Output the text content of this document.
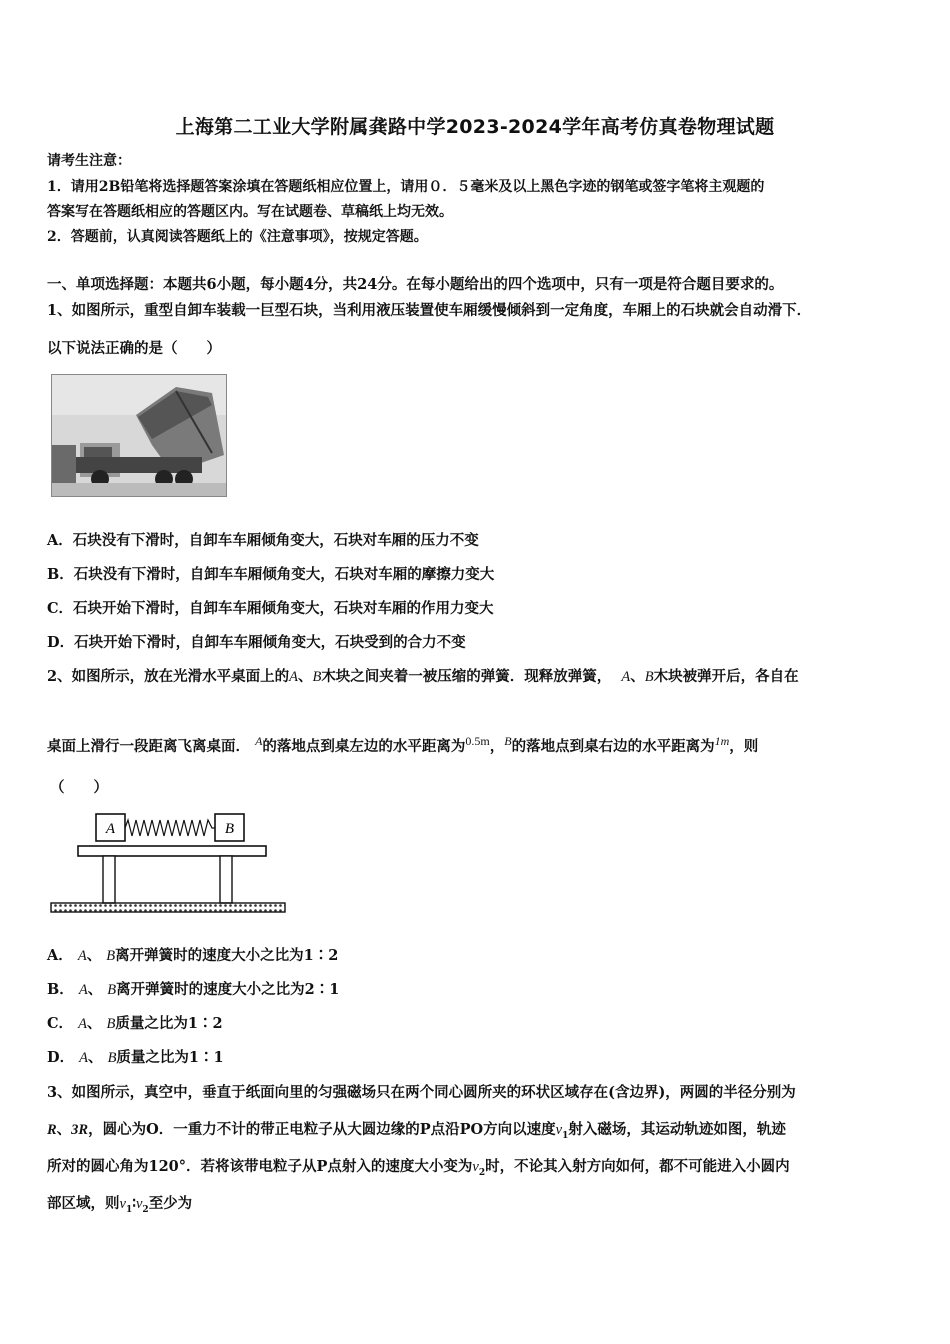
上海第二工业大学附属龚路中学2023-2024学年高考仿真卷物理试题
请考生注意：
1．请用2B铅笔将选择题答案涂填在答题纸相应位置上，请用０．５毫米及以上黑色字迹的钢笔或签字笔将主观题的
答案写在答题纸相应的答题区内。写在试题卷、草稿纸上均无效。
2．答题前，认真阅读答题纸上的《注意事项》，按规定答题。
一、单项选择题：本题共6小题，每小题4分，共24分。在每小题给出的四个选项中，只有一项是符合题目要求的。
1、如图所示，重型自卸车装载一巨型石块，当利用液压装置使车厢缓慢倾斜到一定角度，车厢上的石块就会自动滑下．
以下说法正确的是（　　）
A．石块没有下滑时，自卸车车厢倾角变大，石块对车厢的压力不变
B．石块没有下滑时，自卸车车厢倾角变大，石块对车厢的摩擦力变大
C．石块开始下滑时，自卸车车厢倾角变大，石块对车厢的作用力变大
D．石块开始下滑时，自卸车车厢倾角变大，石块受到的合力不变
2、如图所示，放在光滑水平桌面上的A、B木块之间夹着一被压缩的弹簧．现释放弹簧， A、B木块被弹开后，各自在
桌面上滑行一段距离飞离桌面． $^A$的落地点到桌左边的水平距离为$^{0.5m}$，$^B$的落地点到桌右边的水平距离为$^{1m}$，则
（　　）
A	B
A． A、 B离开弹簧时的速度大小之比为1∶2
B． A、 B离开弹簧时的速度大小之比为2∶1
C． A、 B质量之比为1∶2
D． A、 B质量之比为1∶1
3、如图所示，真空中，垂直于纸面向里的匀强磁场只在两个同心圆所夹的环状区域存在(含边界)，两圆的半径分别为
R、3R，圆心为O．一重力不计的带正电粒子从大圆边缘的P点沿PO方向以速度$v_1$射入磁场，其运动轨迹如图，轨迹
所对的圆心角为120°．若将该带电粒子从P点射入的速度大小变为$v_2$时，不论其入射方向如何，都不可能进入小圆内
部区域，则$v_1∶v_2$至少为
